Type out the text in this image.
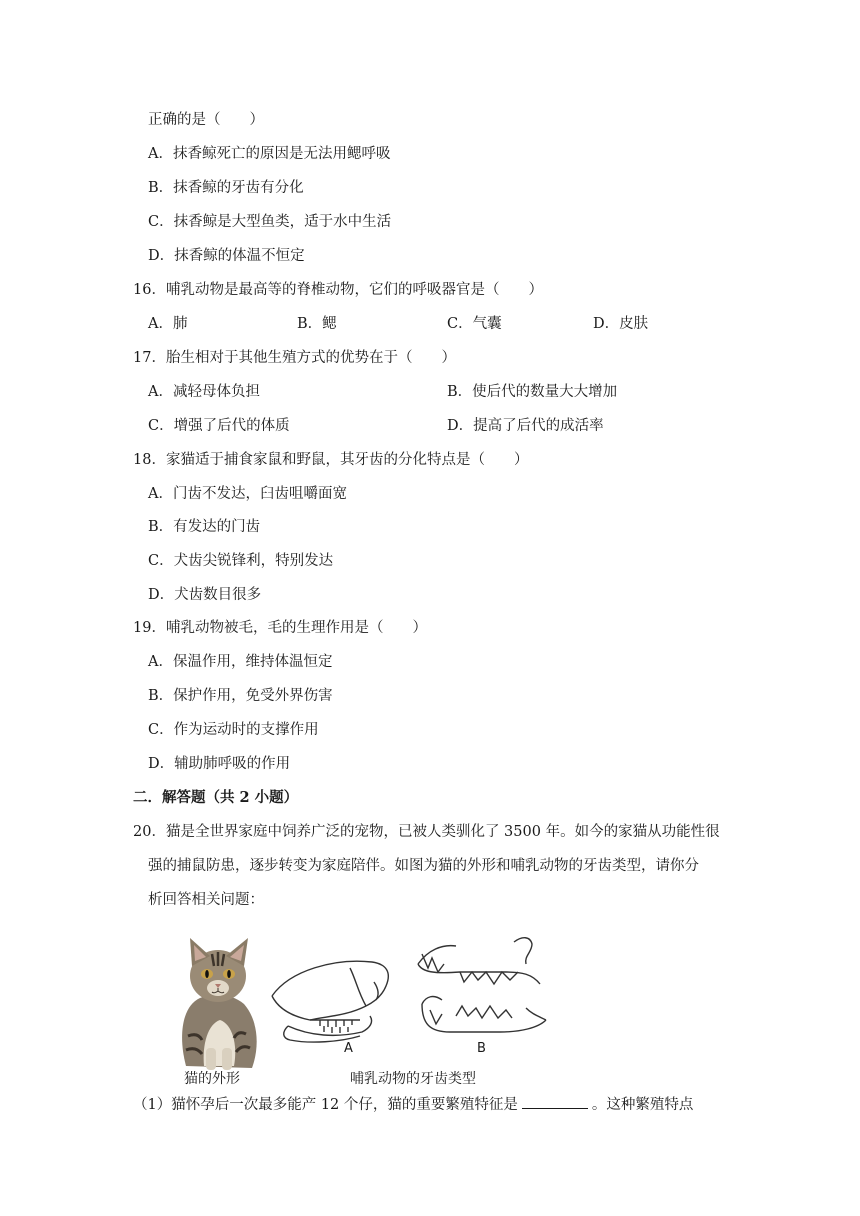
正确的是（　　）
A．抹香鲸死亡的原因是无法用鳃呼吸
B．抹香鲸的牙齿有分化
C．抹香鲸是大型鱼类，适于水中生活
D．抹香鲸的体温不恒定
16．哺乳动物是最高等的脊椎动物，它们的呼吸器官是（　　）
A．肺	B．鳃	C．气囊	D．皮肤
17．胎生相对于其他生殖方式的优势在于（　　）
A．减轻母体负担	B．使后代的数量大大增加
C．增强了后代的体质	D．提高了后代的成活率
18．家猫适于捕食家鼠和野鼠，其牙齿的分化特点是（　　）
A．门齿不发达，臼齿咀嚼面宽
B．有发达的门齿
C．犬齿尖锐锋利，特别发达
D．犬齿数目很多
19．哺乳动物被毛，毛的生理作用是（　　）
A．保温作用，维持体温恒定
B．保护作用，免受外界伤害
C．作为运动时的支撑作用
D．辅助肺呼吸的作用
二．解答题（共 2 小题）
20．猫是全世界家庭中饲养广泛的宠物，已被人类驯化了 3500 年。如今的家猫从功能性很
强的捕鼠防患，逐步转变为家庭陪伴。如图为猫的外形和哺乳动物的牙齿类型，请你分
析回答相关问题：
猫的外形
A	B
哺乳动物的牙齿类型
（1）猫怀孕后一次最多能产 12 个仔，猫的重要繁殖特征是	。这种繁殖特点
